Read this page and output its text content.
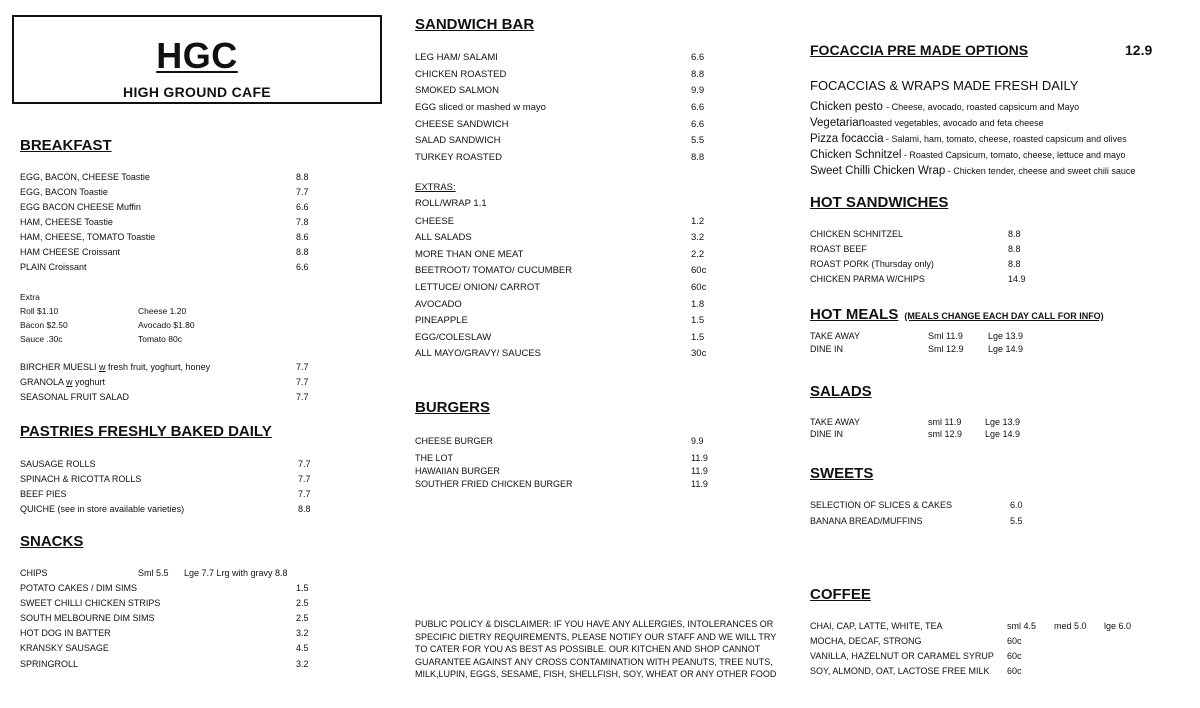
HGC
HIGH GROUND CAFE
BREAKFAST
EGG, BACON, CHEESE Toastie	8.8
EGG, BACON Toastie	7.7
EGG BACON CHEESE Muffin	6.6
HAM, CHEESE Toastie	7.8
HAM, CHEESE, TOMATO Toastie	8.6
HAM CHEESE Croissant	8.8
PLAIN Croissant	6.6
Extra
Roll $1.10	Cheese 1.20
Bacon $2.50	Avocado $1.80
Sauce .30c	Tomato 80c
BIRCHER MUESLI w fresh fruit, yoghurt, honey	7.7
GRANOLA w yoghurt	7.7
SEASONAL FRUIT SALAD	7.7
PASTRIES FRESHLY BAKED DAILY
SAUSAGE ROLLS	7.7
SPINACH & RICOTTA ROLLS	7.7
BEEF PIES	7.7
QUICHE (see in store available varieties)	8.8
SNACKS
CHIPS	Sml 5.5 Lge 7.7 Lrg with gravy 8.8
POTATO CAKES / DIM SIMS	1.5
SWEET CHILLI CHICKEN STRIPS	2.5
SOUTH MELBOURNE DIM SIMS	2.5
HOT DOG IN BATTER	3.2
KRANSKY SAUSAGE	4.5
SPRINGROLL	3.2
SANDWICH BAR
LEG HAM/ SALAMI	6.6
CHICKEN ROASTED	8.8
SMOKED SALMON	9.9
EGG sliced or mashed w mayo	6.6
CHEESE SANDWICH	6.6
SALAD SANDWICH	5.5
TURKEY ROASTED	8.8
EXTRAS:
ROLL/WRAP 1.1
CHEESE	1.2
ALL SALADS	3.2
MORE THAN ONE MEAT	2.2
BEETROOT/ TOMATO/ CUCUMBER	60c
LETTUCE/ ONION/ CARROT	60c
AVOCADO	1.8
PINEAPPLE	1.5
EGG/COLESLAW	1.5
ALL MAYO/GRAVY/ SAUCES	30c
BURGERS
CHEESE BURGER	9.9
THE LOT	11.9
HAWAIIAN BURGER	11.9
SOUTHER FRIED CHICKEN BURGER	11.9
PUBLIC POLICY & DISCLAIMER: IF YOU HAVE ANY ALLERGIES, INTOLERANCES OR SPECIFIC DIETRY REQUIREMENTS, PLEASE NOTIFY OUR STAFF AND WE WILL TRY TO CATER FOR YOU AS BEST AS POSSIBLE. OUR KITCHEN AND SHOP CANNOT GUARANTEE AGAINST ANY CROSS CONTAMINATION WITH PEANUTS, TREE NUTS, MILK,LUPIN, EGGS, SESAME, FISH, SHELLFISH, SOY, WHEAT OR ANY OTHER FOOD
FOCACCIA PRE MADE OPTIONS	12.9
FOCACCIAS & WRAPS MADE FRESH DAILY
Chicken pesto - Cheese, avocado, roasted capsicum and Mayo
Vegetarianoasted vegetables, avocado and feta cheese
Pizza focaccia - Salami, ham, tomato, cheese, roasted capsicum and olives
Chicken Schnitzel - Roasted Capsicum, tomato, cheese, lettuce and mayo
Sweet Chilli Chicken Wrap - Chicken tender, cheese and sweet chili sauce
HOT SANDWICHES
CHICKEN SCHNITZEL	8.8
ROAST BEEF	8.8
ROAST PORK (Thursday only)	8.8
CHICKEN PARMA W/CHIPS	14.9
HOT MEALS (MEALS CHANGE EACH DAY CALL FOR INFO)
TAKE AWAY	Sml 11.9	Lge 13.9
DINE IN	Sml 12.9	Lge 14.9
SALADS
TAKE AWAY	sml 11.9	Lge 13.9
DINE IN	sml 12.9	Lge 14.9
SWEETS
SELECTION OF SLICES & CAKES	6.0
BANANA BREAD/MUFFINS	5.5
COFFEE
CHAI, CAP, LATTE, WHITE, TEA	sml 4.5 med 5.0 lge 6.0
MOCHA, DECAF, STRONG	60c
VANILLA, HAZELNUT OR CARAMEL SYRUP 60c
SOY, ALMOND, OAT, LACTOSE FREE MILK 60c
